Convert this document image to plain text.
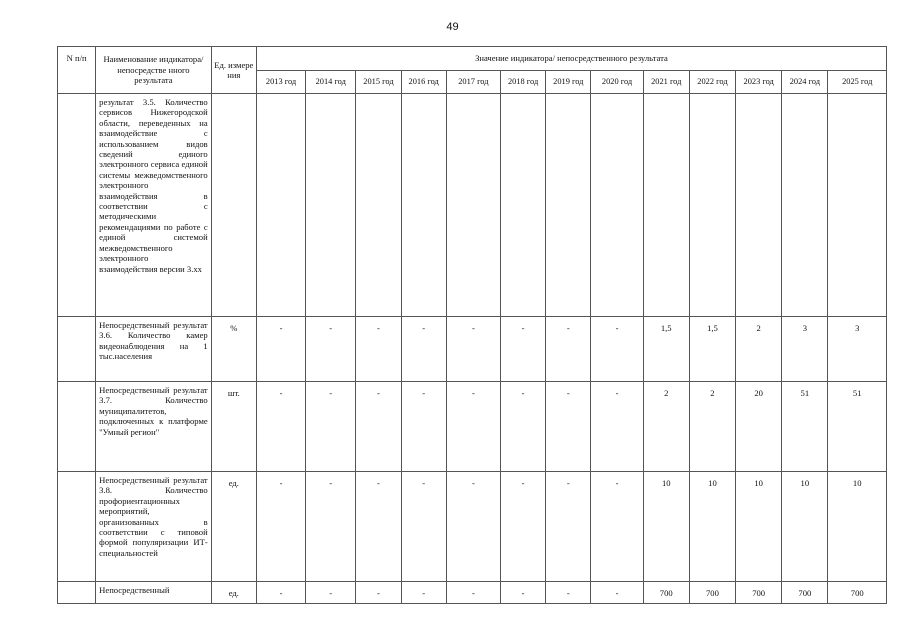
49
N п/п	Наименование индикатора/непосредстве нного результата	Ед. измере ния	Значение индикатора/ непосредственного результата												
			2013 год	2014 год	2015 год	2016 год	2017 год	2018 год	2019 год	2020 год	2021 год	2022 год	2023 год	2024 год	2025 год
	результат 3.5. Количество сервисов Нижегородской области, переведенных на взаимодействие с использованием видов сведений единого электронного сервиса единой системы межведомственного электронного взаимодействия в соответствии с методическими рекомендациями по работе с единой системой межведомственного электронного взаимодействия версии 3.хх														
	Непосредственный результат 3.6. Количество камер видеонаблюдения на 1 тыс.населения	%	-	-	-	-	-	-	-	-	1,5	1,5	2	3	3
	Непосредственный результат 3.7. Количество муниципалитетов, подключенных к платформе "Умный регион"	шт.	-	-	-	-	-	-	-	-	2	2	20	51	51
	Непосредственный результат 3.8. Количество профориентационных мероприятий, организованных в соответствии с типовой формой популяризации ИТ-специальностей	ед.	-	-	-	-	-	-	-	-	10	10	10	10	10
	Непосредственный	ед.	-	-	-	-	-	-	-	-	700	700	700	700	700
